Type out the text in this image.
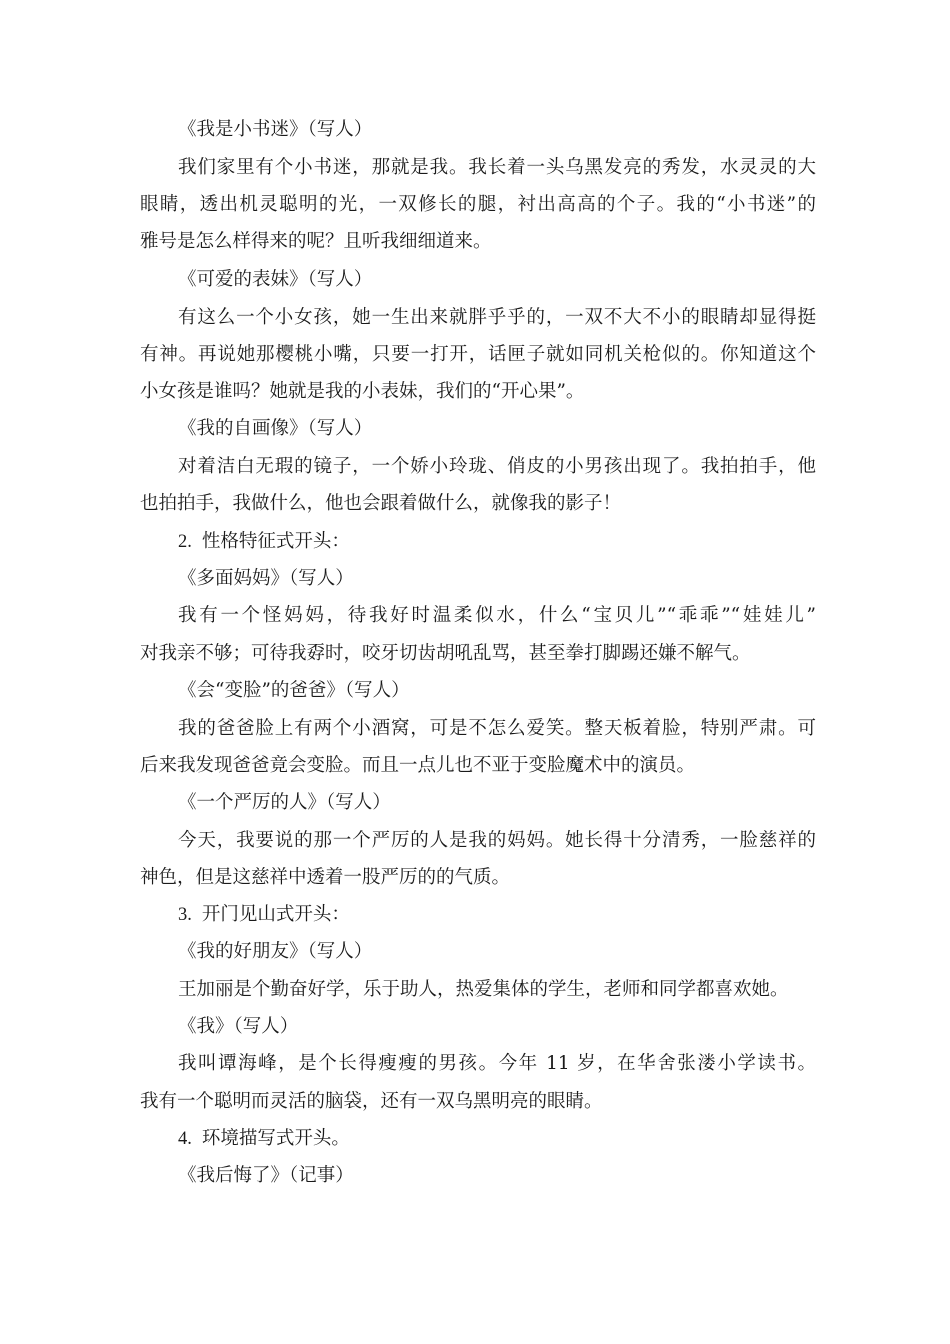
《我是小书迷》（写人）
我们家里有个小书迷，那就是我。我长着一头乌黑发亮的秀发，水灵灵的大
眼睛，透出机灵聪明的光，一双修长的腿，衬出高高的个子。我的“小书迷”的
雅号是怎么样得来的呢？且听我细细道来。
《可爱的表妹》（写人）
有这么一个小女孩，她一生出来就胖乎乎的，一双不大不小的眼睛却显得挺
有神。再说她那樱桃小嘴，只要一打开，话匣子就如同机关枪似的。你知道这个
小女孩是谁吗？她就是我的小表妹，我们的“开心果”。
《我的自画像》（写人）
对着洁白无瑕的镜子，一个娇小玲珑、俏皮的小男孩出现了。我拍拍手，他
也拍拍手，我做什么，他也会跟着做什么，就像我的影子！
2. 性格特征式开头：
《多面妈妈》（写人）
我有一个怪妈妈，待我好时温柔似水，什么“宝贝儿”“乖乖”“娃娃儿”
对我亲不够；可待我孬时，咬牙切齿胡吼乱骂，甚至拳打脚踢还嫌不解气。
《会“变脸”的爸爸》（写人）
我的爸爸脸上有两个小酒窝，可是不怎么爱笑。整天板着脸，特别严肃。可
后来我发现爸爸竟会变脸。而且一点儿也不亚于变脸魔术中的演员。
《一个严厉的人》（写人）
今天，我要说的那一个严厉的人是我的妈妈。她长得十分清秀，一脸慈祥的
神色，但是这慈祥中透着一股严厉的的气质。
3. 开门见山式开头：
《我的好朋友》（写人）
王加丽是个勤奋好学，乐于助人，热爱集体的学生，老师和同学都喜欢她。
《我》（写人）
我叫谭海峰，是个长得瘦瘦的男孩。今年 11 岁，在华舍张溇小学读书。
我有一个聪明而灵活的脑袋，还有一双乌黑明亮的眼睛。
4. 环境描写式开头。
《我后悔了》（记事）
